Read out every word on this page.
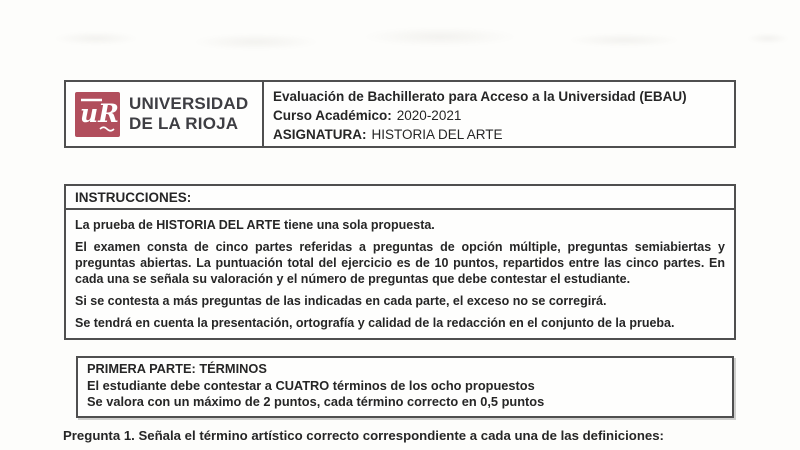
uR UNIVERSIDAD
DE LA RIOJA
Evaluación de Bachillerato para Acceso a la Universidad (EBAU)
Curso Académico: 2020-2021
ASIGNATURA: HISTORIA DEL ARTE
INSTRUCCIONES:

La prueba de HISTORIA DEL ARTE tiene una sola propuesta.

El examen consta de cinco partes referidas a preguntas de opción múltiple, preguntas semiabiertas y preguntas abiertas. La puntuación total del ejercicio es de 10 puntos, repartidos entre las cinco partes. En cada una se señala su valoración y el número de preguntas que debe contestar el estudiante.

Si se contesta a más preguntas de las indicadas en cada parte, el exceso no se corregirá.

Se tendrá en cuenta la presentación, ortografía y calidad de la redacción en el conjunto de la prueba.

PRIMERA PARTE: TÉRMINOS
El estudiante debe contestar a CUATRO términos de los ocho propuestos
Se valora con un máximo de 2 puntos, cada término correcto en 0,5 puntos
Pregunta 1. Señala el término artístico correcto correspondiente a cada una de las definiciones:
